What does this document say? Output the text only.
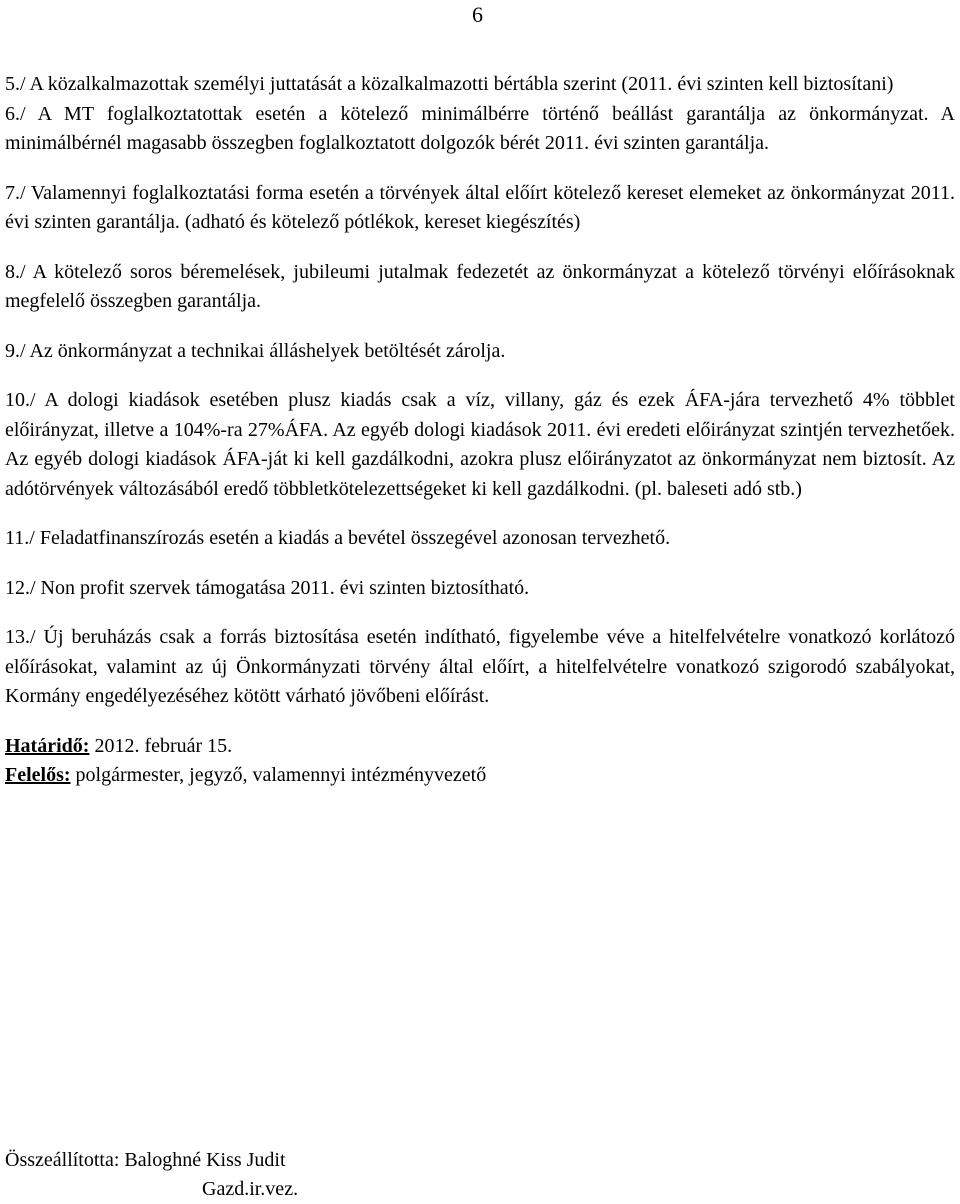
6

5./ A közalkalmazottak személyi juttatását a közalkalmazotti bértábla szerint (2011. évi szinten kell biztosítani)

6./ A MT foglalkoztatottak esetén a kötelező minimálbérre történő beállást garantálja az önkormányzat. A minimálbérnél magasabb összegben foglalkoztatott dolgozók bérét 2011. évi szinten garantálja.

7./ Valamennyi foglalkoztatási forma esetén a törvények által előírt kötelező kereset elemeket az önkormányzat 2011. évi szinten garantálja. (adható és kötelező pótlékok, kereset kiegészítés)

8./ A kötelező soros béremelések, jubileumi jutalmak fedezetét az önkormányzat a kötelező törvényi előírásoknak megfelelő összegben garantálja.

9./ Az önkormányzat a technikai álláshelyek betöltését zárolja.

10./ A dologi kiadások esetében plusz kiadás csak a víz, villany, gáz és ezek ÁFA-jára tervezhető 4% többlet előirányzat, illetve a 104%-ra 27%ÁFA. Az egyéb dologi kiadások 2011. évi eredeti előirányzat szintjén tervezhetőek. Az egyéb dologi kiadások ÁFA-ját ki kell gazdálkodni, azokra plusz előirányzatot az önkormányzat nem biztosít. Az adótörvények változásából eredő többletkötelezettségeket ki kell gazdálkodni. (pl. baleseti adó stb.)

11./ Feladatfinanszírozás esetén a kiadás a bevétel összegével azonosan tervezhető.

12./ Non profit szervek támogatása 2011. évi szinten biztosítható.

13./ Új beruházás csak a forrás biztosítása esetén indítható, figyelembe véve a hitelfelvételre vonatkozó korlátozó előírásokat, valamint az új Önkormányzati törvény által előírt, a hitelfelvételre vonatkozó szigorodó szabályokat, Kormány engedélyezéséhez kötött várható jövőbeni előírást.

Határidő: 2012. február 15.

Felelős: polgármester, jegyző, valamennyi intézményvezető

Összeállította: Baloghné Kiss Judit
Gazd.ir.vez.
